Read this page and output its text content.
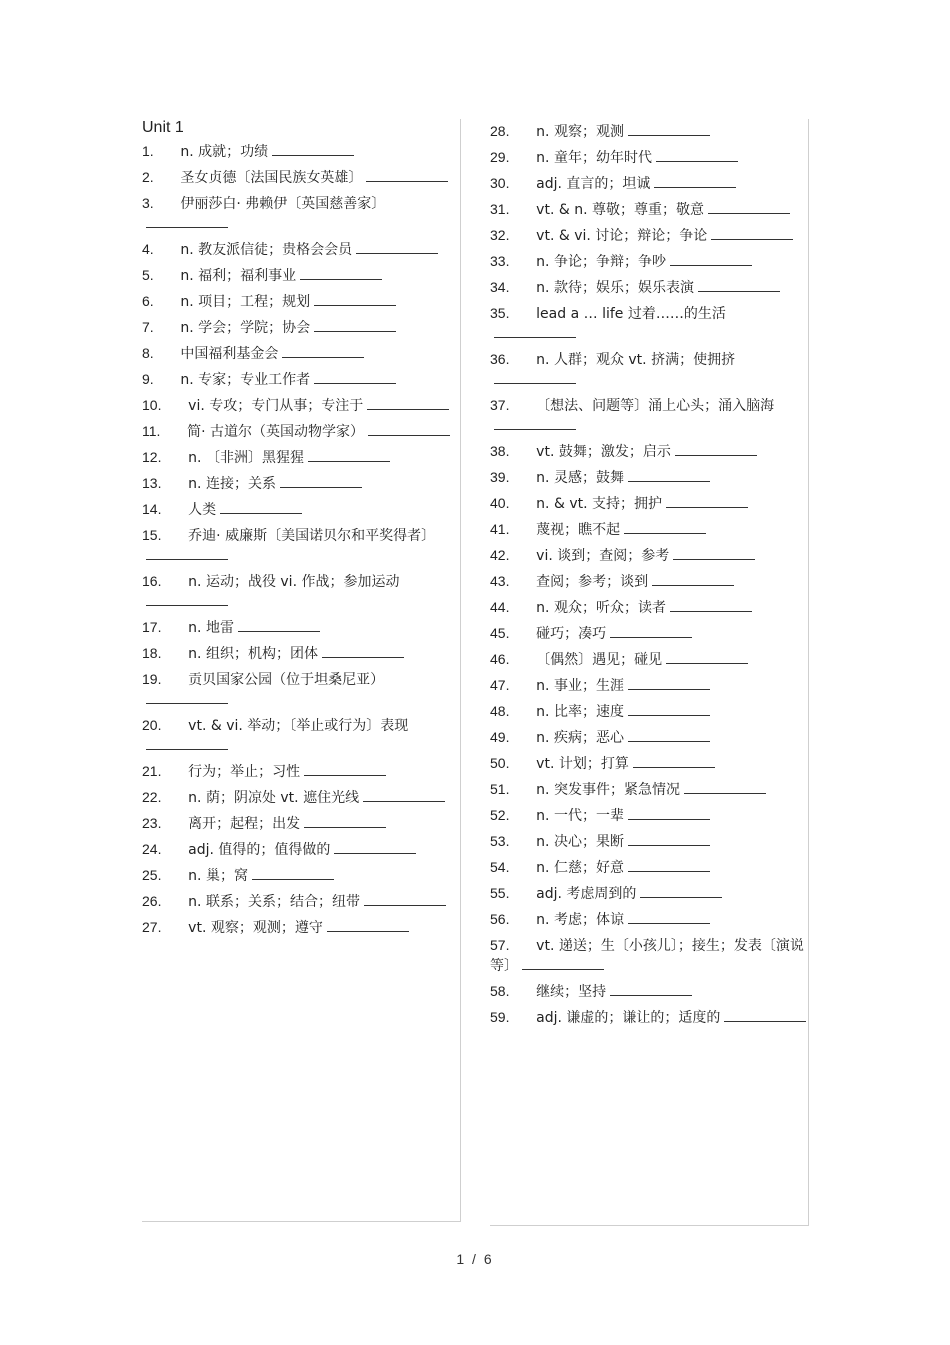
Unit 1
1. n. 成就；功绩
2. 圣女贞德〔法国民族女英雄〕
3. 伊丽莎白· 弗赖伊〔英国慈善家〕
4. n. 教友派信徒；贵格会会员
5. n. 福利；福利事业
6. n. 项目；工程；规划
7. n. 学会；学院；协会
8. 中国福利基金会
9. n. 专家；专业工作者
10. vi. 专攻；专门从事；专注于
11. 简· 古道尔（英国动物学家）
12. n. 〔非洲〕黑猩猩
13. n. 连接；关系
14. 人类
15. 乔迪· 威廉斯〔美国诺贝尔和平奖得者〕
16. n. 运动；战役 vi. 作战；参加运动
17. n. 地雷
18. n. 组织；机构；团体
19. 贡贝国家公园（位于坦桑尼亚）
20. vt. & vi. 举动；〔举止或行为〕表现
21. 行为；举止；习性
22. n. 荫；阴凉处 vt. 遮住光线
23. 离开；起程；出发
24. adj. 值得的；值得做的
25. n. 巢；窝
26. n. 联系；关系；结合；纽带
27. vt. 观察；观测；遵守
28. n. 观察；观测
29. n. 童年；幼年时代
30. adj. 直言的；坦诚
31. vt. & n. 尊敬；尊重；敬意
32. vt. & vi. 讨论；辩论；争论
33. n. 争论；争辩；争吵
34. n. 款待；娱乐；娱乐表演
35. lead a … life 过着……的生活
36. n. 人群；观众 vt. 挤满；使拥挤
37. 〔想法、问题等〕涌上心头；涌入脑海
38. vt. 鼓舞；激发；启示
39. n. 灵感；鼓舞
40. n. & vt. 支持；拥护
41. 蔑视；瞧不起
42. vi. 谈到；查阅；参考
43. 查阅；参考；谈到
44. n. 观众；听众；读者
45. 碰巧；凑巧
46. 〔偶然〕遇见；碰见
47. n. 事业；生涯
48. n. 比率；速度
49. n. 疾病；恶心
50. vt. 计划；打算
51. n. 突发事件；紧急情况
52. n. 一代；一辈
53. n. 决心；果断
54. n. 仁慈；好意
55. adj. 考虑周到的
56. n. 考虑；体谅
57. vt. 递送；生〔小孩儿〕；接生；发表〔演说等〕
58. 继续；坚持
59. adj. 谦虚的；谦让的；适度的
1 / 6
